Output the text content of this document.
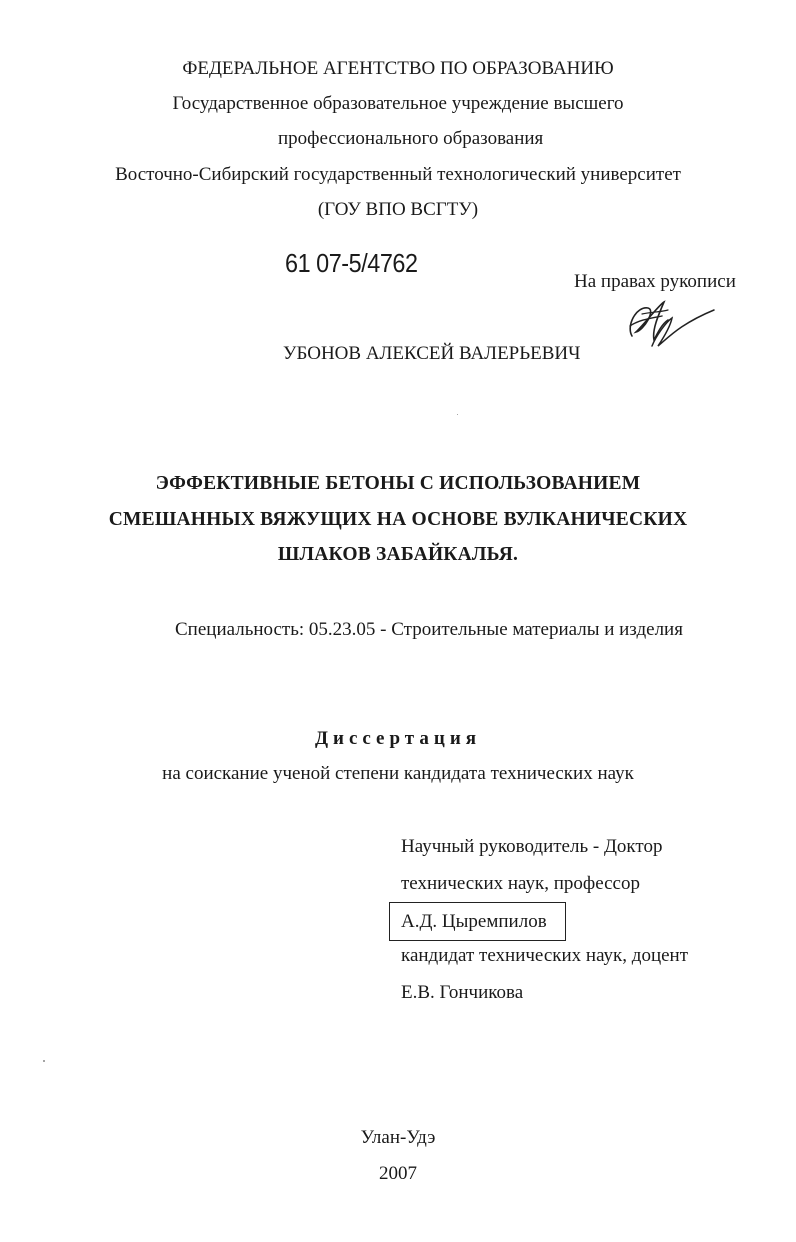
ФЕДЕРАЛЬНОЕ АГЕНТСТВО ПО ОБРАЗОВАНИЮ
Государственное образовательное учреждение высшего
профессионального образования
Восточно-Сибирский государственный технологический университет
(ГОУ ВПО ВСГТУ)
61 07-5/4762
На правах рукописи
УБОНОВ АЛЕКСЕЙ ВАЛЕРЬЕВИЧ
ЭФФЕКТИВНЫЕ БЕТОНЫ С ИСПОЛЬЗОВАНИЕМ
СМЕШАННЫХ ВЯЖУЩИХ НА ОСНОВЕ ВУЛКАНИЧЕСКИХ
ШЛАКОВ ЗАБАЙКАЛЬЯ.
Специальность: 05.23.05 - Строительные материалы и изделия
Диссертация
на соискание ученой степени кандидата технических наук
Научный руководитель - Доктор
технических наук, профессор
А.Д. Цыремпилов
кандидат технических наук, доцент
Е.В. Гончикова
Улан-Удэ
2007
